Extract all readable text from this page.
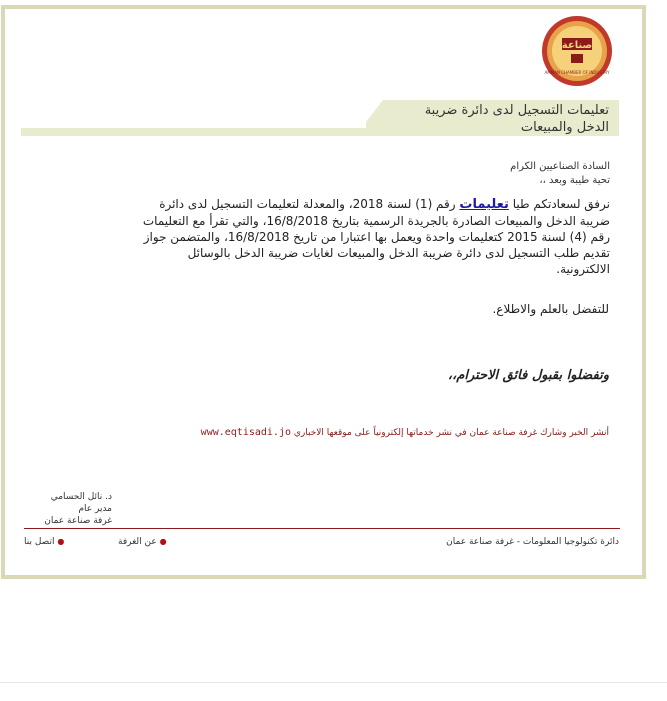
صناعة
AMMAN CHAMBER OF INDUSTRY
تعليمات التسجيل لدى دائرة ضريبة
الدخل والمبيعات
السادة الصناعيين الكرام
تحية طيبة وبعد ،،
نرفق لسعادتكم طيا تعليمات رقم (1) لسنة 2018، والمعدلة لتعليمات التسجيل لدى دائرة ضريبة الدخل والمبيعات الصادرة بالجريدة الرسمية بتاريخ 16/8/2018، والتي تقرأ مع التعليمات رقم (4) لسنة 2015 كتعليمات واحدة ويعمل بها اعتبارا من تاريخ 16/8/2018، والمتضمن جواز تقديم طلب التسجيل لدى دائرة ضريبة الدخل والمبيعات لغايات ضريبة الدخل بالوسائل الالكترونية.
للتفضل بالعلم والاطلاع.
وتفضلوا بقبول فائق الاحترام،،
أنشر الخبر وشارك غرفة صناعة عمان في نشر خدماتها إلكترونياً على موقعها الاخباري www.eqtisadi.jo
د. نائل الحسامي
مدير عام
غرفة صناعة عمان
دائرة تكنولوجيا المعلومات - غرفة صناعة عمان
● عن الغرفة
● اتصل بنا
